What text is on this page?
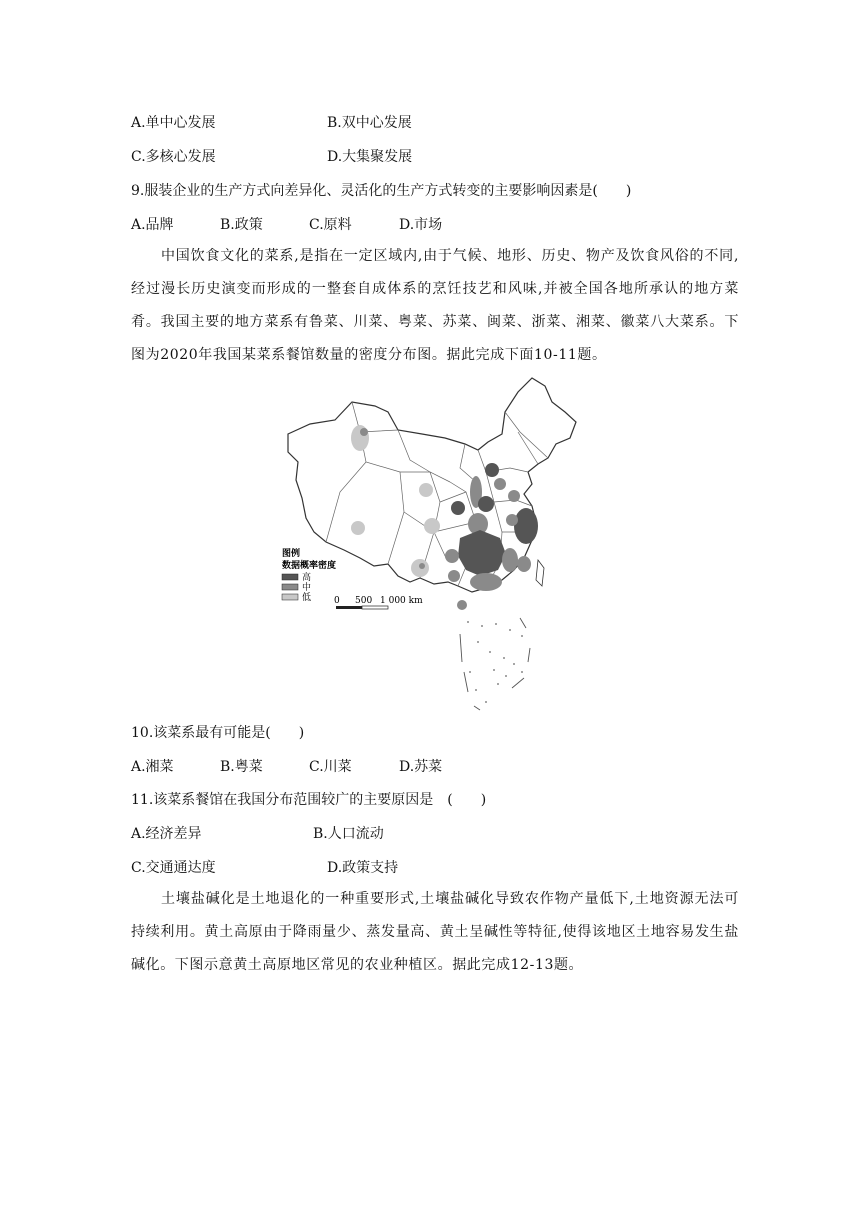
A.单中心发展	B.双中心发展
C.多核心发展	D.大集聚发展
9.服装企业的生产方式向差异化、灵活化的生产方式转变的主要影响因素是(　　)
A.品牌	B.政策	C.原料	D.市场
中国饮食文化的菜系,是指在一定区域内,由于气候、地形、历史、物产及饮食风俗的不同,经过漫长历史演变而形成的一整套自成体系的烹饪技艺和风味,并被全国各地所承认的地方菜肴。我国主要的地方菜系有鲁菜、川菜、粤菜、苏菜、闽菜、浙菜、湘菜、徽菜八大菜系。下图为2020年我国某菜系餐馆数量的密度分布图。据此完成下面10-11题。
图例
数据概率密度
高
中
低	0 500 1 000 km
10.该菜系最有可能是(　　)
A.湘菜	B.粤菜	C.川菜	D.苏菜
11.该菜系餐馆在我国分布范围较广的主要原因是　(　　)
A.经济差异	B.人口流动
C.交通通达度	D.政策支持
土壤盐碱化是土地退化的一种重要形式,土壤盐碱化导致农作物产量低下,土地资源无法可持续利用。黄土高原由于降雨量少、蒸发量高、黄土呈碱性等特征,使得该地区土地容易发生盐碱化。下图示意黄土高原地区常见的农业种植区。据此完成12-13题。
